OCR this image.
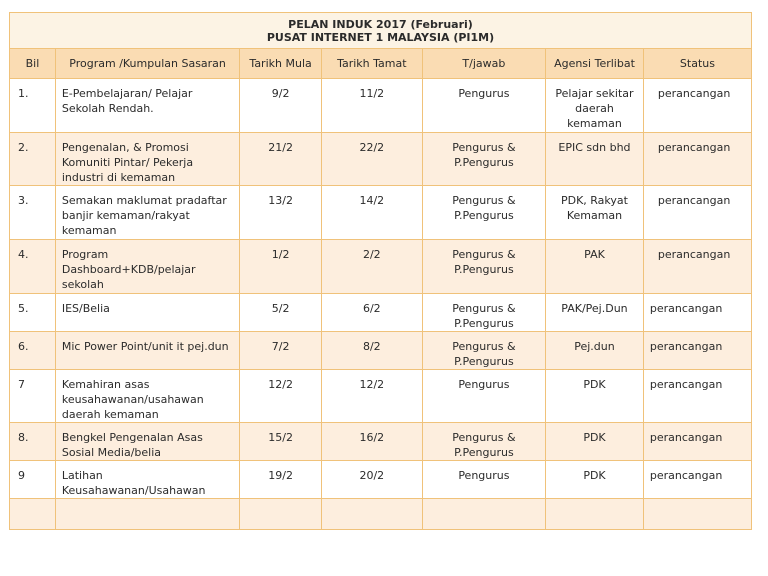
PELAN INDUK 2017 (Februari)
PUSAT INTERNET 1 MALAYSIA (PI1M)						

Bil	Program /Kumpulan Sasaran	Tarikh Mula	Tarikh Tamat	T/jawab	Agensi Terlibat	Status
1.	E-Pembelajaran/ Pelajar Sekolah Rendah.	9/2	11/2	Pengurus	Pelajar sekitar daerah kemaman	perancangan
2.	Pengenalan, & Promosi Komuniti Pintar/ Pekerja industri di kemaman	21/2	22/2	Pengurus & P.Pengurus	EPIC sdn bhd	perancangan
3.	Semakan maklumat pradaftar banjir kemaman/rakyat kemaman	13/2	14/2	Pengurus & P.Pengurus	PDK, Rakyat Kemaman	perancangan
4.	Program Dashboard+KDB/pelajar sekolah	1/2	2/2	Pengurus & P.Pengurus	PAK	perancangan
5.	IES/Belia	5/2	6/2	Pengurus & P.Pengurus	PAK/Pej.Dun	perancangan
6.	Mic Power Point/unit it pej.dun	7/2	8/2	Pengurus & P.Pengurus	Pej.dun	perancangan
7	Kemahiran asas keusahawanan/usahawan daerah kemaman	12/2	12/2	Pengurus	PDK	perancangan
8.	Bengkel Pengenalan Asas Sosial Media/belia	15/2	16/2	Pengurus & P.Pengurus	PDK	perancangan
9	Latihan Keusahawanan/Usahawan	19/2	20/2	Pengurus	PDK	perancangan
